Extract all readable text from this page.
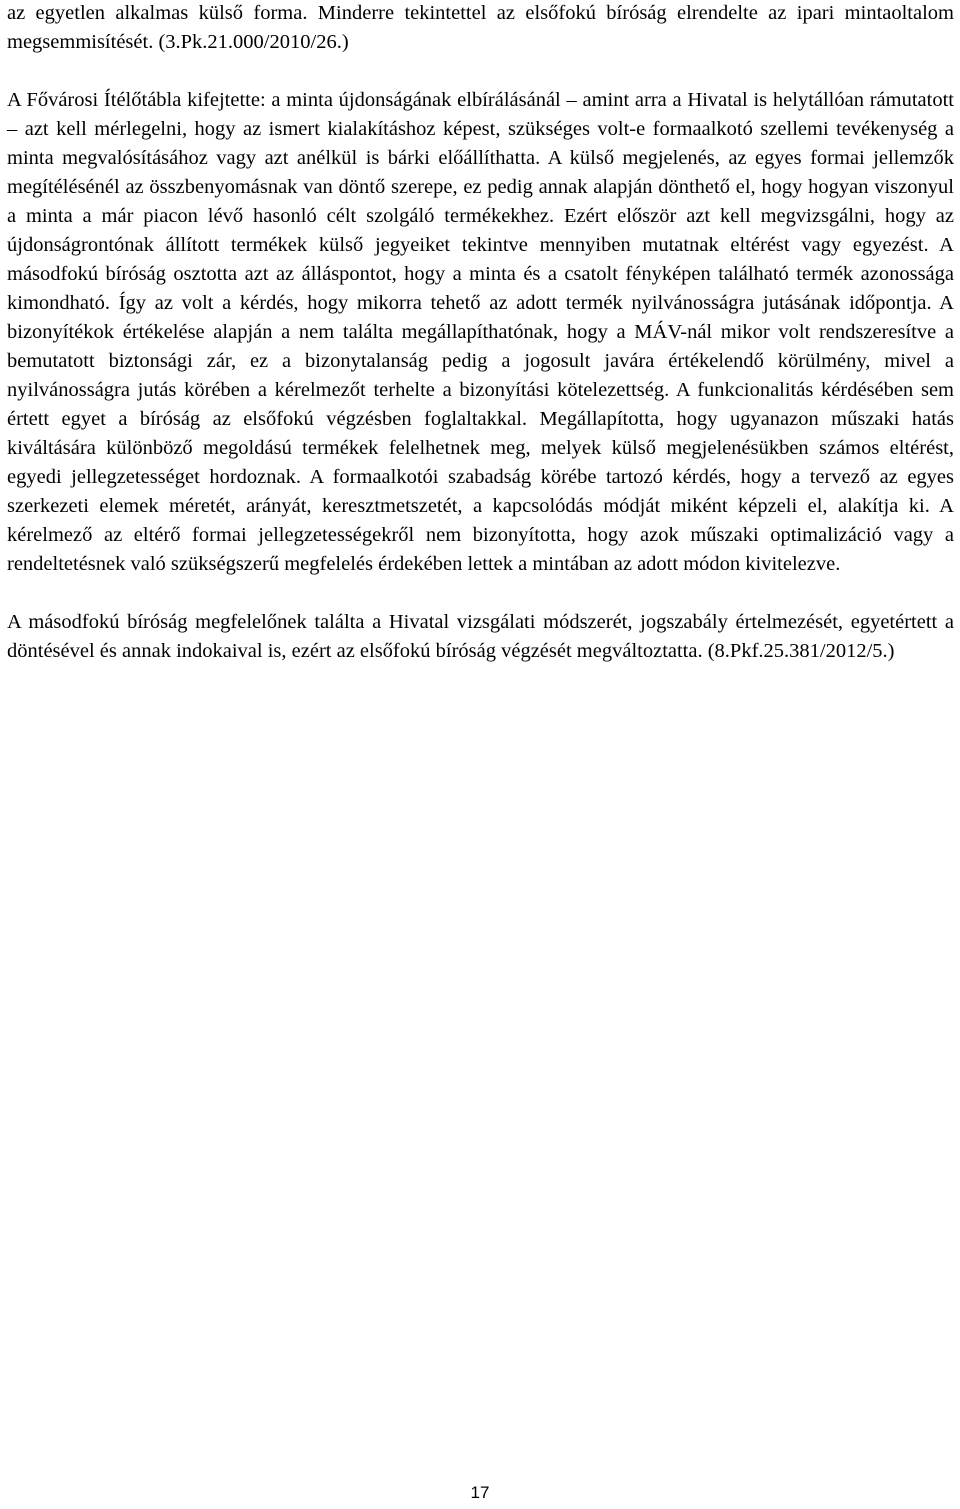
az egyetlen alkalmas külső forma. Minderre tekintettel az elsőfokú bíróság elrendelte az ipari mintaoltalom megsemmisítését. (3.Pk.21.000/2010/26.)

A Fővárosi Ítélőtábla kifejtette: a minta újdonságának elbírálásánál – amint arra a Hivatal is helytállóan rámutatott – azt kell mérlegelni, hogy az ismert kialakításhoz képest, szükséges volt-e formaalkotó szellemi tevékenység a minta megvalósításához vagy azt anélkül is bárki előállíthatta. A külső megjelenés, az egyes formai jellemzők megítélésénél az összbenyomásnak van döntő szerepe, ez pedig annak alapján dönthető el, hogy hogyan viszonyul a minta a már piacon lévő hasonló célt szolgáló termékekhez. Ezért először azt kell megvizsgálni, hogy az újdonságrontónak állított termékek külső jegyeiket tekintve mennyiben mutatnak eltérést vagy egyezést. A másodfokú bíróság osztotta azt az álláspontot, hogy a minta és a csatolt fényképen található termék azonossága kimondható. Így az volt a kérdés, hogy mikorra tehető az adott termék nyilvánosságra jutásának időpontja. A bizonyítékok értékelése alapján a nem találta megállapíthatónak, hogy a MÁV-nál mikor volt rendszeresítve a bemutatott biztonsági zár, ez a bizonytalanság pedig a jogosult javára értékelendő körülmény, mivel a nyilvánosságra jutás körében a kérelmezőt terhelte a bizonyítási kötelezettség. A funkcionalitás kérdésében sem értett egyet a bíróság az elsőfokú végzésben foglaltakkal. Megállapította, hogy ugyanazon műszaki hatás kiváltására különböző megoldású termékek felelhetnek meg, melyek külső megjelenésükben számos eltérést, egyedi jellegzetességet hordoznak. A formaalkotói szabadság körébe tartozó kérdés, hogy a tervező az egyes szerkezeti elemek méretét, arányát, keresztmetszetét, a kapcsolódás módját miként képzeli el, alakítja ki. A kérelmező az eltérő formai jellegzetességekről nem bizonyította, hogy azok műszaki optimalizáció vagy a rendeltetésnek való szükségszerű megfelelés érdekében lettek a mintában az adott módon kivitelezve.

A másodfokú bíróság megfelelőnek találta a Hivatal vizsgálati módszerét, jogszabály értelmezését, egyetértett a döntésével és annak indokaival is, ezért az elsőfokú bíróság végzését megváltoztatta. (8.Pkf.25.381/2012/5.)

17
